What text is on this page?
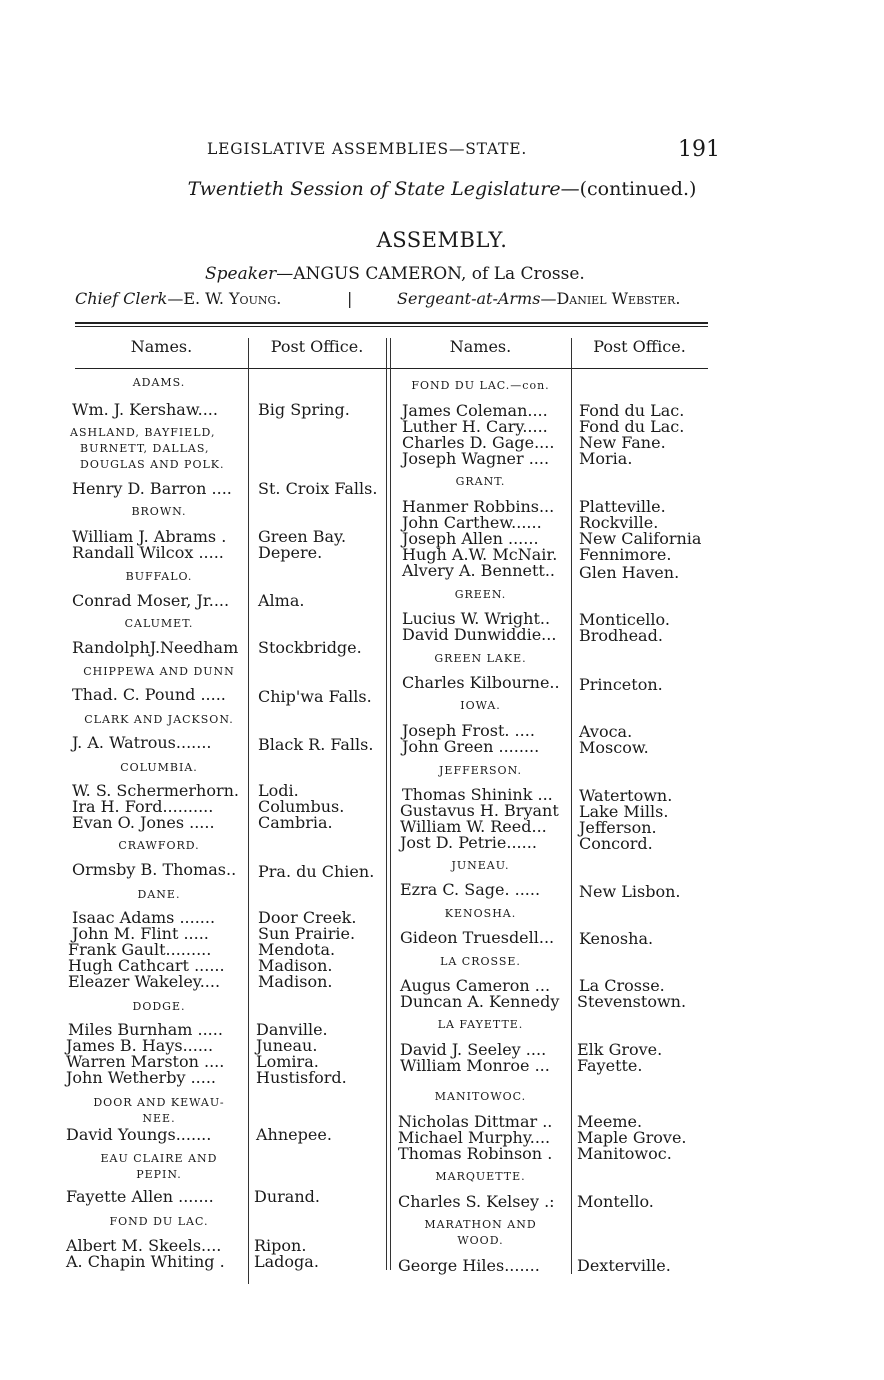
LEGISLATIVE ASSEMBLIES—STATE.	191
Twentieth Session of State Legislature—(continued.)
ASSEMBLY.
Speaker—ANGUS CAMERON, of La Crosse.
Chief Clerk—E. W. Young.	|	Sergeant-at-Arms—Daniel Webster.
Names.	Post Office.	Names.	Post Office.
ADAMS.
ASHLAND, BAYFIELD,
BURNETT, DALLAS,
DOUGLAS AND POLK.
BROWN.
BUFFALO.
CALUMET.
CHIPPEWA AND DUNN
CLARK AND JACKSON.
COLUMBIA.
CRAWFORD.
DANE.
DODGE.
DOOR AND KEWAU-
NEE.
EAU CLAIRE AND
PEPIN.
FOND DU LAC.
Wm. J. Kershaw....	Big Spring.
Henry D. Barron .... St. Croix Falls.
William J. Abrams . Green Bay.
Randall Wilcox ..... Depere.
Conrad Moser, Jr.... Alma.
RandolphJ.Needham Stockbridge.
Thad. C. Pound ..... Chip'wa Falls.
J. A. Watrous.......	Black R. Falls.
W. S. Schermerhorn. Lodi.
Ira H. Ford..........	Columbus.
Evan O. Jones .....	Cambria.
Ormsby B. Thomas.. Pra. du Chien.
Isaac Adams .......	Door Creek.
John M. Flint .....	Sun Prairie.
Frank Gault.........	Mendota.
Hugh Cathcart ...... Madison.
Eleazer Wakeley.... Madison.
Miles Burnham ..... Danville.
James B. Hays......	Juneau.
Warren Marston .... Lomira.
John Wetherby .....	Hustisford.
David Youngs.......	Ahnepee.
Fayette Allen .......	Durand.
Albert M. Skeels.... Ripon.
A. Chapin Whiting . Ladoga.
FOND DU LAC.—con.
GRANT.
GREEN.
GREEN LAKE.
IOWA.
JEFFERSON.
JUNEAU.
KENOSHA.
LA CROSSE.
LA FAYETTE.
MANITOWOC.
MARQUETTE.
MARATHON AND
WOOD.
James Coleman.... Fond du Lac.
Luther H. Cary..... Fond du Lac.
Charles D. Gage.... New Fane.
Joseph Wagner .... Moria.
Hanmer Robbins... Platteville.
John Carthew...... Rockville.
Joseph Allen ......	New California
Hugh A.W. McNair. Fennimore.
Alvery A. Bennett.. Glen Haven.
Lucius W. Wright.. Monticello.
David Dunwiddie... Brodhead.
Charles Kilbourne.. Princeton.
Joseph Frost. ....	Avoca.
John Green ........ Moscow.
Thomas Shinink ... Watertown.
Gustavus H. Bryant Lake Mills.
William W. Reed... Jefferson.
Jost D. Petrie......	Concord.
Ezra C. Sage. ..... New Lisbon.
Gideon Truesdell... Kenosha.
Augus Cameron ... La Crosse.
Duncan A. Kennedy Stevenstown.
David J. Seeley .... Elk Grove.
William Monroe ... Fayette.
Nicholas Dittmar .. Meeme.
Michael Murphy.... Maple Grove.
Thomas Robinson . Manitowoc.
Charles S. Kelsey .: Montello.
George Hiles....... Dexterville.
